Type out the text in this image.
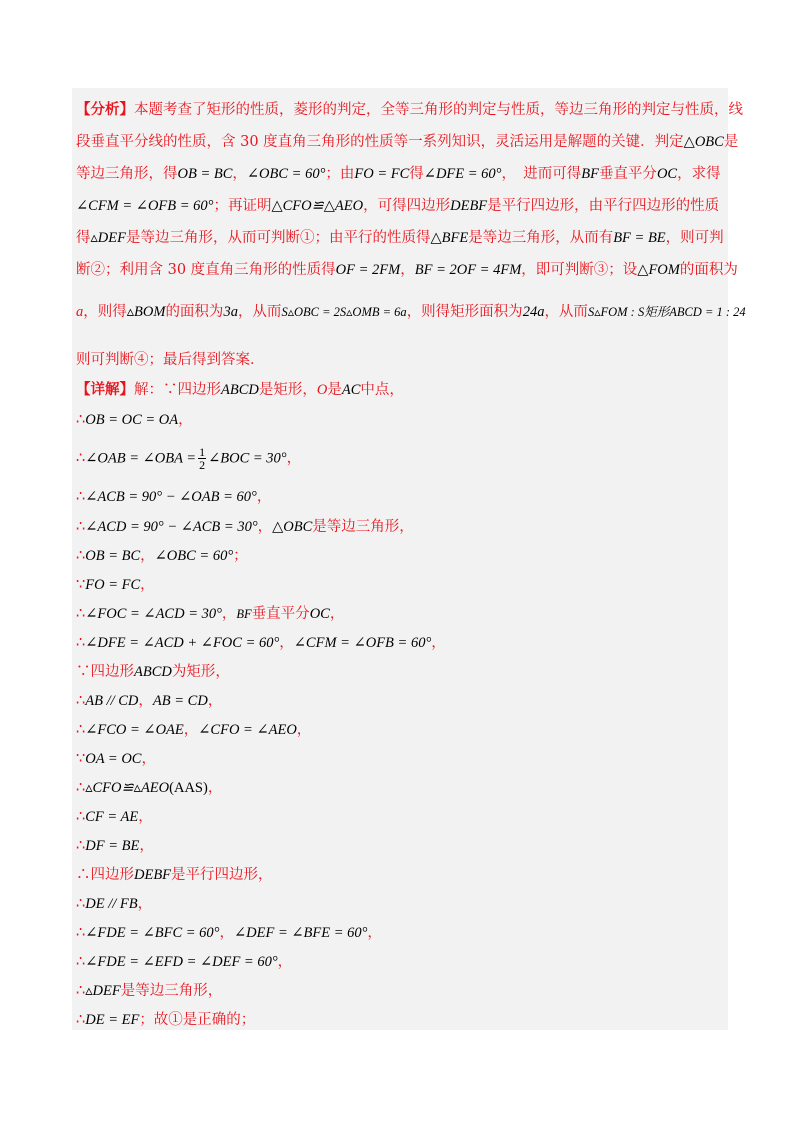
【分析】本题考查了矩形的性质，菱形的判定，全等三角形的判定与性质，等边三角形的判定与性质，线
段垂直平分线的性质，含 30 度直角三角形的性质等一系列知识，灵活运用是解题的关键．判定△OBC是
等边三角形，得OB = BC，∠OBC = 60°；由FO = FC得∠DFE = 60°，　进而可得BF垂直平分OC，求得
∠CFM = ∠OFB = 60°；再证明△CFO≌△AEO，可得四边形DEBF是平行四边形，由平行四边形的性质
得▵DEF是等边三角形，从而可判断①；由平行的性质得△BFE是等边三角形，从而有BF = BE，则可判
断②；利用含 30 度直角三角形的性质得OF = 2FM，BF = 2OF = 4FM，即可判断③；设△FOM的面积为
a，则得▵BOM的面积为3a，从而S▵OBC = 2S▵OMB = 6a，则得矩形面积为24a，从而S▵FOM : S矩形ABCD = 1 : 24
则可判断④；最后得到答案．
【详解】解：∵四边形ABCD是矩形，O是AC中点，
∴OB = OC = OA，
∴∠OAB = ∠OBA = $\frac{1}{2}$ ∠BOC = 30°，
∴∠ACB = 90° − ∠OAB = 60°，
∴∠ACD = 90° − ∠ACB = 30°，△OBC是等边三角形，
∴OB = BC，∠OBC = 60°；
∵FO = FC，
∴∠FOC = ∠ACD = 30°，BF垂直平分OC，
∴∠DFE = ∠ACD + ∠FOC = 60°，∠CFM = ∠OFB = 60°，
∵四边形ABCD为矩形，
∴AB // CD，AB = CD，
∴∠FCO = ∠OAE，∠CFO = ∠AEO，
∵OA = OC，
∴▵CFO≌▵AEO(AAS)，
∴CF = AE，
∴DF = BE，
∴四边形DEBF是平行四边形，
∴DE // FB，
∴∠FDE = ∠BFC = 60°，∠DEF = ∠BFE = 60°，
∴∠FDE = ∠EFD = ∠DEF = 60°，
∴▵DEF是等边三角形，
∴DE = EF；故①是正确的；
